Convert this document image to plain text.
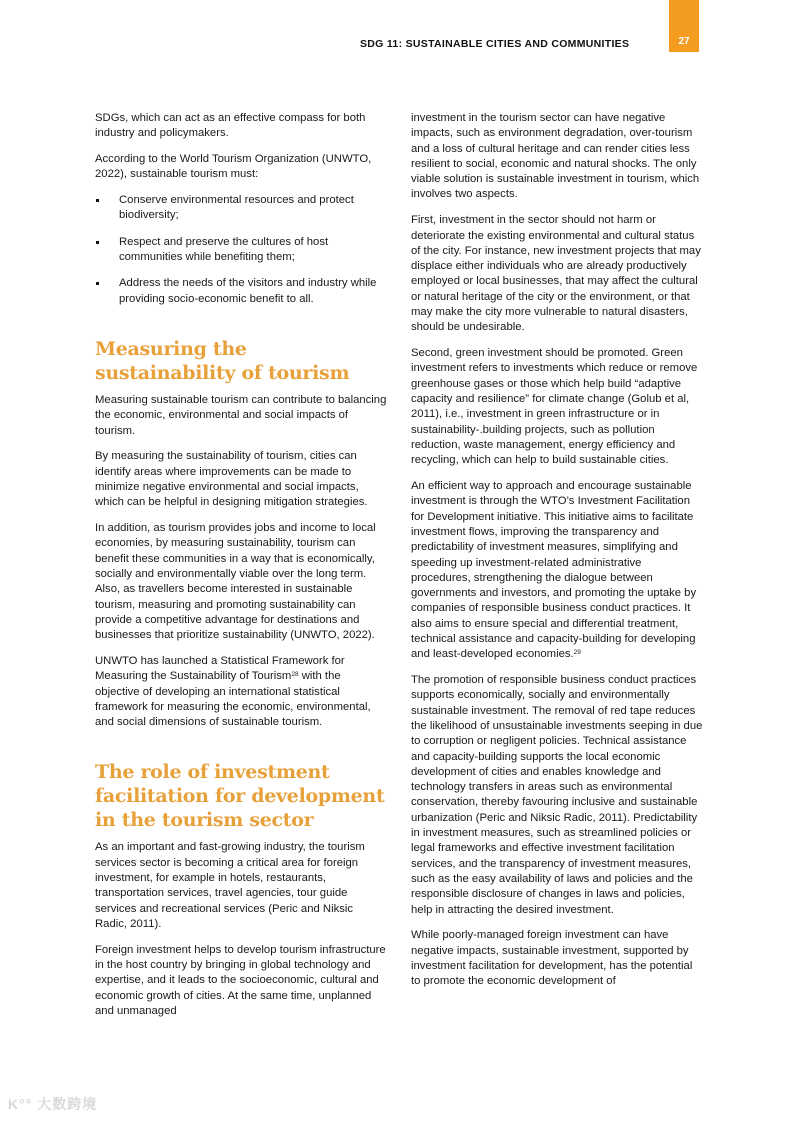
SDG 11: SUSTAINABLE CITIES AND COMMUNITIES	27

SDGs, which can act as an effective compass for both industry and policymakers.

According to the World Tourism Organization (UNWTO, 2022), sustainable tourism must:

Conserve environmental resources and protect biodiversity;
Respect and preserve the cultures of host communities while benefiting them;
Address the needs of the visitors and industry while providing socio-economic benefit to all.
Measuring the sustainability of tourism

Measuring sustainable tourism can contribute to balancing the economic, environmental and social impacts of tourism.

By measuring the sustainability of tourism, cities can identify areas where improvements can be made to minimize negative environmental and social impacts, which can be helpful in designing mitigation strategies.

In addition, as tourism provides jobs and income to local economies, by measuring sustainability, tourism can benefit these communities in a way that is economically, socially and environmentally viable over the long term. Also, as travellers become interested in sustainable tourism, measuring and promoting sustainability can provide a competitive advantage for destinations and businesses that prioritize sustainability (UNWTO, 2022).

UNWTO has launched a Statistical Framework for Measuring the Sustainability of Tourism$^{28}$ with the objective of developing an international statistical framework for measuring the economic, environmental, and social dimensions of sustainable tourism.

The role of investment facilitation for development in the tourism sector

As an important and fast-growing industry, the tourism services sector is becoming a critical area for foreign investment, for example in hotels, restaurants, transportation services, travel agencies, tour guide services and recreational services (Peric and Niksic Radic, 2011).

Foreign investment helps to develop tourism infrastructure in the host country by bringing in global technology and expertise, and it leads to the socioeconomic, cultural and economic growth of cities. At the same time, unplanned and unmanaged

investment in the tourism sector can have negative impacts, such as environment degradation, over-tourism and a loss of cultural heritage and can render cities less resilient to social, economic and natural shocks. The only viable solution is sustainable investment in tourism, which involves two aspects.

First, investment in the sector should not harm or deteriorate the existing environmental and cultural status of the city. For instance, new investment projects that may displace either individuals who are already productively employed or local businesses, that may affect the cultural or natural heritage of the city or the environment, or that may make the city more vulnerable to natural disasters, should be undesirable.

Second, green investment should be promoted. Green investment refers to investments which reduce or remove greenhouse gases or those which help build “adaptive capacity and resilience” for climate change (Golub et al, 2011), i.e., investment in green infrastructure or in sustainability-.building projects, such as pollution reduction, waste management, energy efficiency and recycling, which can help to build sustainable cities.

An efficient way to approach and encourage sustainable investment is through the WTO’s Investment Facilitation for Development initiative. This initiative aims to facilitate investment flows, improving the transparency and predictability of investment measures, simplifying and speeding up investment-related administrative procedures, strengthening the dialogue between governments and investors, and promoting the uptake by companies of responsible business conduct practices. It also aims to ensure special and differential treatment, technical assistance and capacity-building for developing and least-developed economies.$^{29}$

The promotion of responsible business conduct practices supports economically, socially and environmentally sustainable investment. The removal of red tape reduces the likelihood of unsustainable investments seeping in due to corruption or negligent policies. Technical assistance and capacity-building supports the local economic development of cities and enables knowledge and technology transfers in areas such as environmental conservation, thereby favouring inclusive and sustainable urbanization (Peric and Niksic Radic, 2011). Predictability in investment measures, such as streamlined policies or legal frameworks and effective investment facilitation services, and the transparency of investment measures, such as the easy availability of laws and policies and the responsible disclosure of changes in laws and policies, help in attracting the desired investment.

While poorly-managed foreign investment can have negative impacts, sustainable investment, supported by investment facilitation for development, has the potential to promote the economic development of

K°° 大数跨境
